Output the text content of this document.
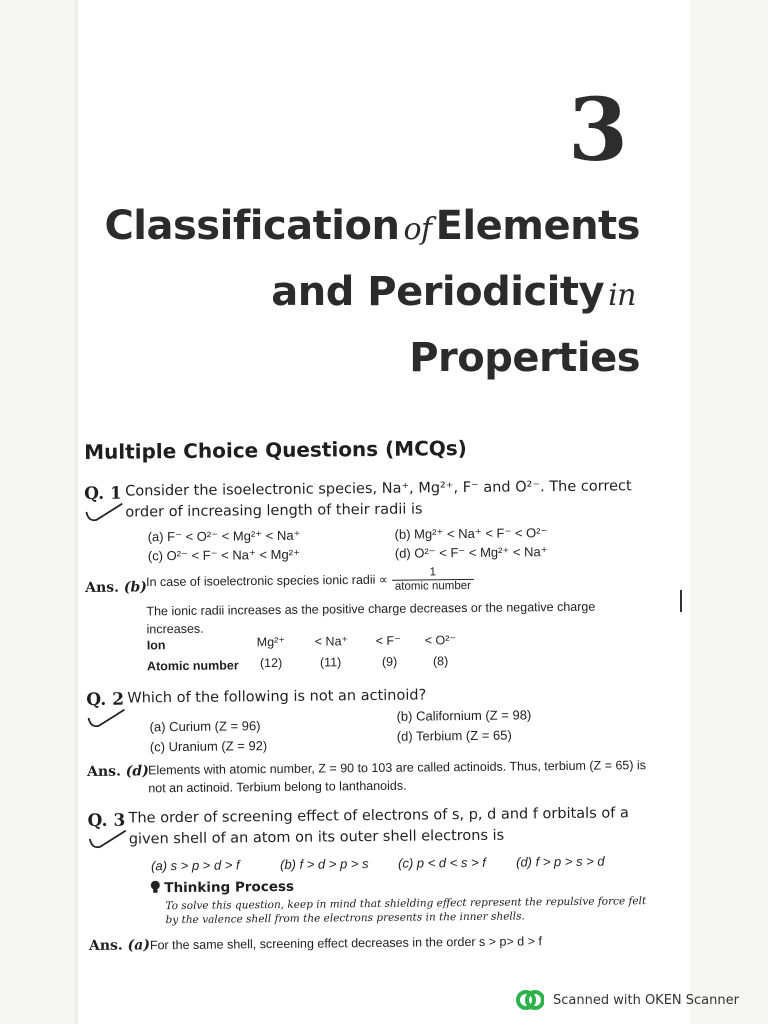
3
Classification of Elements
and Periodicity in
Properties
Multiple Choice Questions (MCQs)
Q. 1 Consider the isoelectronic species, Na⁺, Mg²⁺, F⁻ and O²⁻. The correct
order of increasing length of their radii is
(a) F⁻ < O²⁻ < Mg²⁺ < Na⁺	(b) Mg²⁺ < Na⁺ < F⁻ < O²⁻
(c) O²⁻ < F⁻ < Na⁺ < Mg²⁺	(d) O²⁻ < F⁻ < Mg²⁺ < Na⁺
Ans. (b) In case of isoelectronic species ionic radii ∝ $\frac{1}{\text{atomic number}}$
The ionic radii increases as the positive charge decreases or the negative charge increases.
Ion	Mg²⁺ < Na⁺ < F⁻ < O²⁻
Atomic number (12)	(11)	(9)	(8)
Q. 2 Which of the following is not an actinoid?
(a) Curium (Z = 96)
(b) Californium (Z = 98)
(c) Uranium (Z = 92)
(d) Terbium (Z = 65)
Ans. (d) Elements with atomic number, Z = 90 to 103 are called actinoids. Thus, terbium (Z = 65) is not an actinoid. Terbium belong to lanthanoids.
Q. 3 The order of screening effect of electrons of s, p, d and f orbitals of a
given shell of an atom on its outer shell electrons is
(a) s > p > d > f	(b) f > d > p > s (c) p < d < s > f (d) f > p > s > d
Thinking Process
To solve this question, keep in mind that shielding effect represent the repulsive force felt by the valence shell from the electrons presents in the inner shells.
Ans. (a) For the same shell, screening effect decreases in the order s > p> d > f
Scanned with OKEN Scanner
